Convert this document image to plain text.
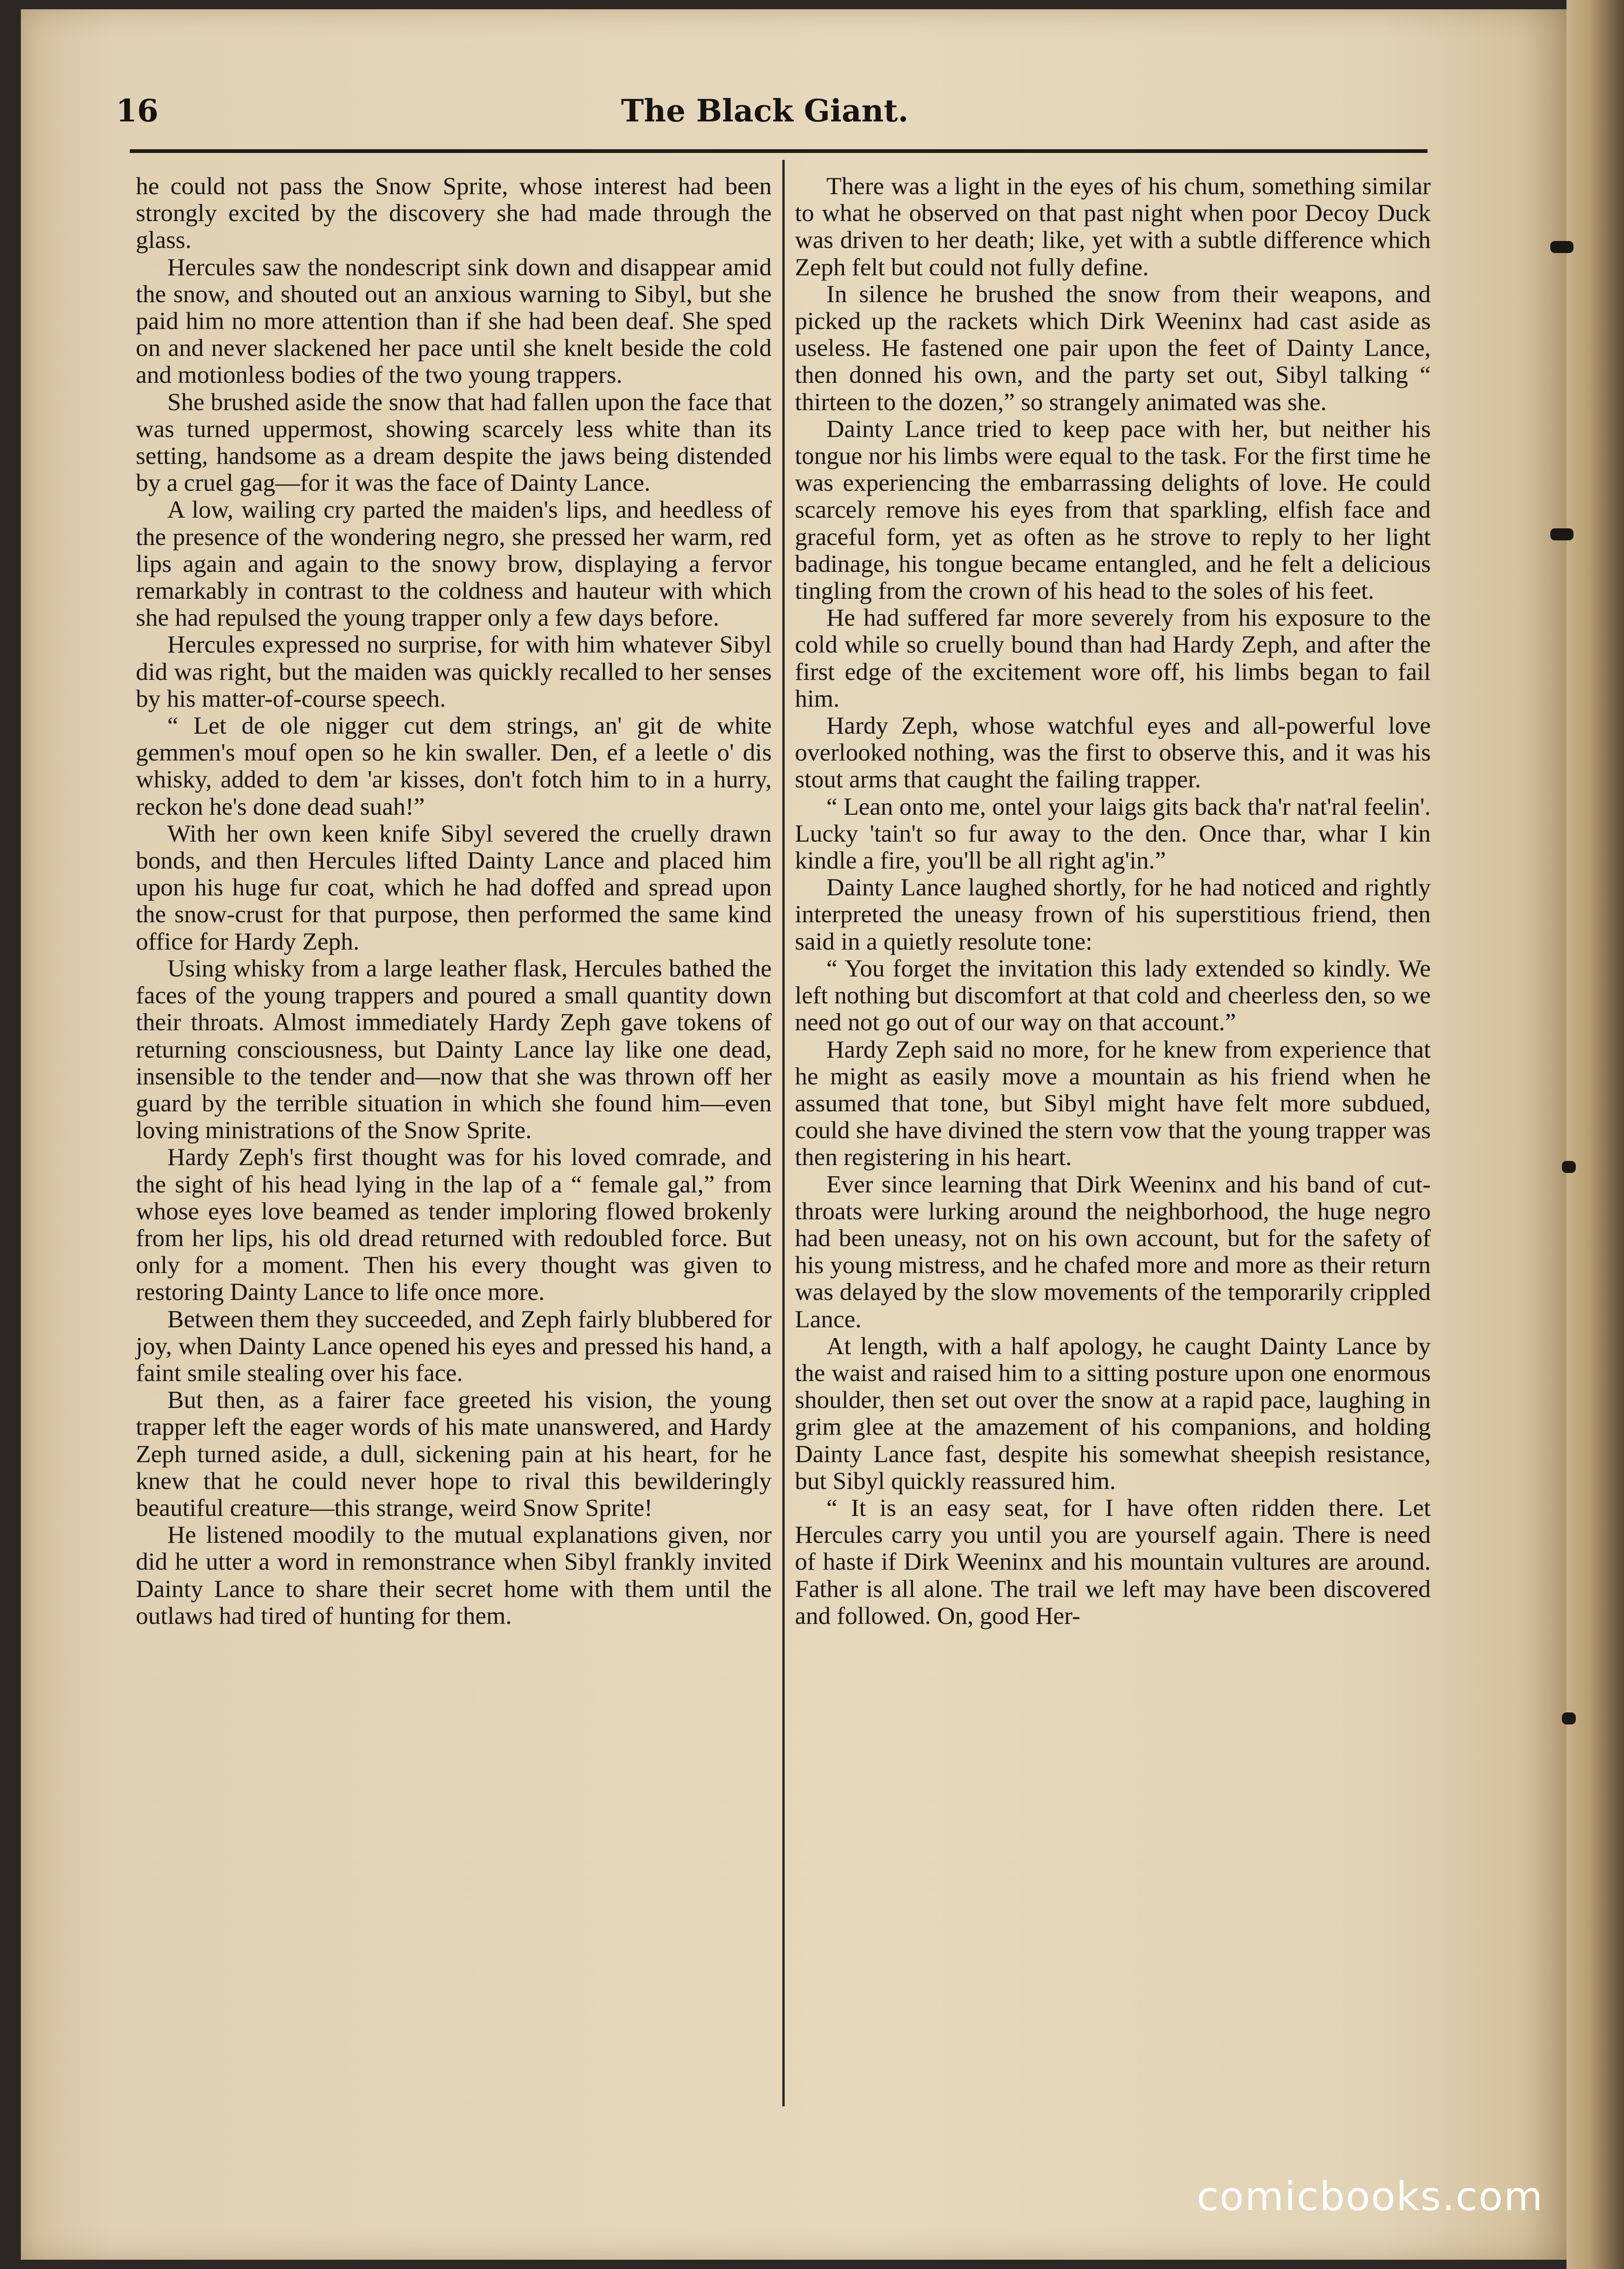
16	The Black Giant.

he could not pass the Snow Sprite, whose interest had been strongly excited by the discovery she had made through the glass.

Hercules saw the nondescript sink down and disappear amid the snow, and shouted out an anxious warning to Sibyl, but she paid him no more attention than if she had been deaf. She sped on and never slackened her pace until she knelt beside the cold and motionless bodies of the two young trappers.

She brushed aside the snow that had fallen upon the face that was turned uppermost, showing scarcely less white than its setting, handsome as a dream despite the jaws being distended by a cruel gag—for it was the face of Dainty Lance.

A low, wailing cry parted the maiden's lips, and heedless of the presence of the wondering negro, she pressed her warm, red lips again and again to the snowy brow, displaying a fervor remarkably in contrast to the coldness and hauteur with which she had repulsed the young trapper only a few days before.

Hercules expressed no surprise, for with him whatever Sibyl did was right, but the maiden was quickly recalled to her senses by his matter-of-course speech.

“ Let de ole nigger cut dem strings, an' git de white gemmen's mouf open so he kin swaller. Den, ef a leetle o' dis whisky, added to dem 'ar kisses, don't fotch him to in a hurry, reckon he's done dead suah!”

With her own keen knife Sibyl severed the cruelly drawn bonds, and then Hercules lifted Dainty Lance and placed him upon his huge fur coat, which he had doffed and spread upon the snow-crust for that purpose, then performed the same kind office for Hardy Zeph.

Using whisky from a large leather flask, Hercules bathed the faces of the young trappers and poured a small quantity down their throats. Almost immediately Hardy Zeph gave tokens of returning consciousness, but Dainty Lance lay like one dead, insensible to the tender and—now that she was thrown off her guard by the terrible situation in which she found him—even loving ministrations of the Snow Sprite.

Hardy Zeph's first thought was for his loved comrade, and the sight of his head lying in the lap of a “ female gal,” from whose eyes love beamed as tender imploring flowed brokenly from her lips, his old dread returned with redoubled force. But only for a moment. Then his every thought was given to restoring Dainty Lance to life once more.

Between them they succeeded, and Zeph fairly blubbered for joy, when Dainty Lance opened his eyes and pressed his hand, a faint smile stealing over his face.

But then, as a fairer face greeted his vision, the young trapper left the eager words of his mate unanswered, and Hardy Zeph turned aside, a dull, sickening pain at his heart, for he knew that he could never hope to rival this bewilderingly beautiful creature—this strange, weird Snow Sprite!

He listened moodily to the mutual explanations given, nor did he utter a word in remonstrance when Sibyl frankly invited Dainty Lance to share their secret home with them until the outlaws had tired of hunting for them.

There was a light in the eyes of his chum, something similar to what he observed on that past night when poor Decoy Duck was driven to her death; like, yet with a subtle difference which Zeph felt but could not fully define.

In silence he brushed the snow from their weapons, and picked up the rackets which Dirk Weeninx had cast aside as useless. He fastened one pair upon the feet of Dainty Lance, then donned his own, and the party set out, Sibyl talking “ thirteen to the dozen,” so strangely animated was she.

Dainty Lance tried to keep pace with her, but neither his tongue nor his limbs were equal to the task. For the first time he was experiencing the embarrassing delights of love. He could scarcely remove his eyes from that sparkling, elfish face and graceful form, yet as often as he strove to reply to her light badinage, his tongue became entangled, and he felt a delicious tingling from the crown of his head to the soles of his feet.

He had suffered far more severely from his exposure to the cold while so cruelly bound than had Hardy Zeph, and after the first edge of the excitement wore off, his limbs began to fail him.

Hardy Zeph, whose watchful eyes and all-powerful love overlooked nothing, was the first to observe this, and it was his stout arms that caught the failing trapper.

“ Lean onto me, ontel your laigs gits back tha'r nat'ral feelin'. Lucky 'tain't so fur away to the den. Once thar, whar I kin kindle a fire, you'll be all right ag'in.”

Dainty Lance laughed shortly, for he had noticed and rightly interpreted the uneasy frown of his superstitious friend, then said in a quietly resolute tone:

“ You forget the invitation this lady extended so kindly. We left nothing but discomfort at that cold and cheerless den, so we need not go out of our way on that account.”

Hardy Zeph said no more, for he knew from experience that he might as easily move a mountain as his friend when he assumed that tone, but Sibyl might have felt more subdued, could she have divined the stern vow that the young trapper was then registering in his heart.

Ever since learning that Dirk Weeninx and his band of cut-throats were lurking around the neighborhood, the huge negro had been uneasy, not on his own account, but for the safety of his young mistress, and he chafed more and more as their return was delayed by the slow movements of the temporarily crippled Lance.

At length, with a half apology, he caught Dainty Lance by the waist and raised him to a sitting posture upon one enormous shoulder, then set out over the snow at a rapid pace, laughing in grim glee at the amazement of his companions, and holding Dainty Lance fast, despite his somewhat sheepish resistance, but Sibyl quickly reassured him.

“ It is an easy seat, for I have often ridden there. Let Hercules carry you until you are yourself again. There is need of haste if Dirk Weeninx and his mountain vultures are around. Father is all alone. The trail we left may have been discovered and followed. On, good Her-

comicbooks.com
